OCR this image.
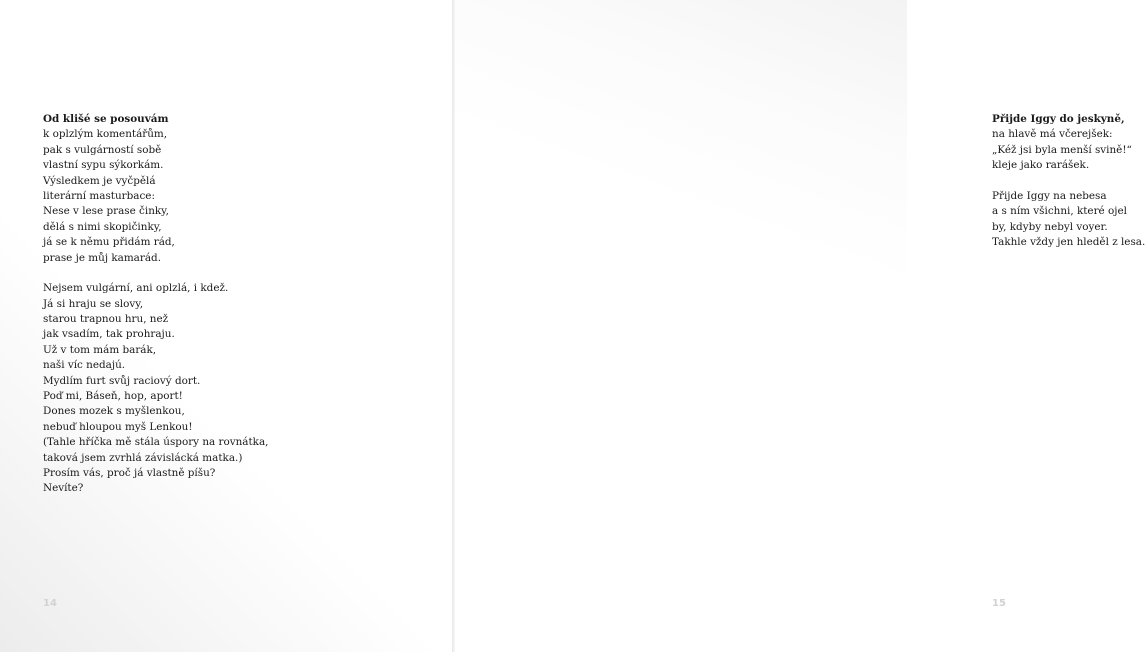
Od klišé se posouvám
k oplzlým komentářům,
pak s vulgárností sobě
vlastní sypu sýkorkám.
Výsledkem je vyčpělá
literární masturbace:
Nese v lese prase činky,
dělá s nimi skopičinky,
já se k němu přidám rád,
prase je můj kamarád.
Nejsem vulgární, ani oplzlá, i kdež.
Já si hraju se slovy,
starou trapnou hru, než
jak vsadím, tak prohraju.
Už v tom mám barák,
naši víc nedajú.
Mydlím furt svůj raciový dort.
Poď mi, Báseň, hop, aport!
Dones mozek s myšlenkou,
nebuď hloupou myš Lenkou!
(Tahle hříčka mě stála úspory na rovnátka,
taková jsem zvrhlá závislácká matka.)
Prosím vás, proč já vlastně píšu?
Nevíte?
14
Přijde Iggy do jeskyně,
na hlavě má včerejšek:
„Kéž jsi byla menší svině!“
kleje jako rarášek.
Přijde Iggy na nebesa
a s ním všichni, které ojel
by, kdyby nebyl voyer.
Takhle vždy jen hleděl z lesa.
15
